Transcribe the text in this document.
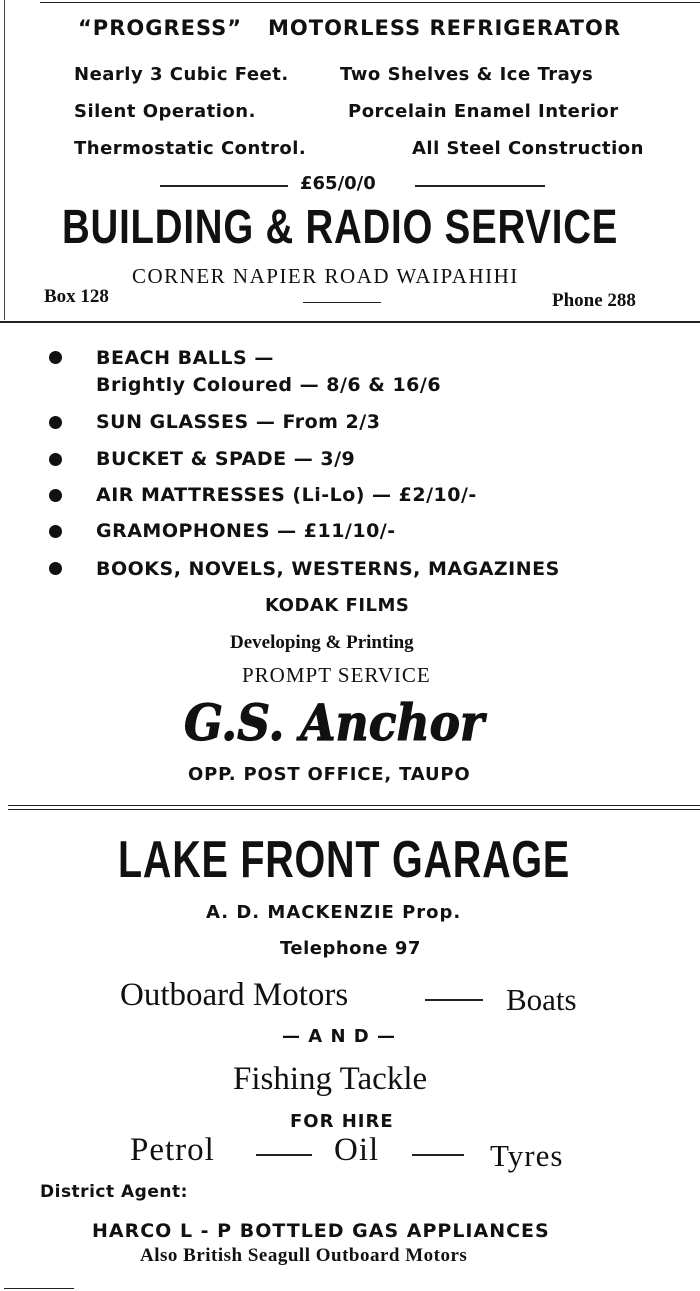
“PROGRESS” MOTORLESS REFRIGERATOR
Nearly 3 Cubic Feet.	Two Shelves & Ice Trays
Silent Operation.	Porcelain Enamel Interior
Thermostatic Control.	All Steel Construction
£65/0/0
BUILDING & RADIO SERVICE
CORNER NAPIER ROAD WAIPAHIHI
Box 128	Phone 288
BEACH BALLS —
Brightly Coloured — 8/6 & 16/6
SUN GLASSES — From 2/3
BUCKET & SPADE — 3/9
AIR MATTRESSES (Li-Lo) — £2/10/-
GRAMOPHONES — £11/10/-
BOOKS, NOVELS, WESTERNS, MAGAZINES
KODAK FILMS
Developing & Printing
PROMPT SERVICE
G.S. Anchor
OPP. POST OFFICE, TAUPO
LAKE FRONT GARAGE
A. D. MACKENZIE Prop.
Telephone 97
Outboard Motors	Boats
— A N D —
Fishing Tackle
FOR HIRE
Petrol	Oil	Tyres
District Agent:
HARCO L - P BOTTLED GAS APPLIANCES
Also British Seagull Outboard Motors
